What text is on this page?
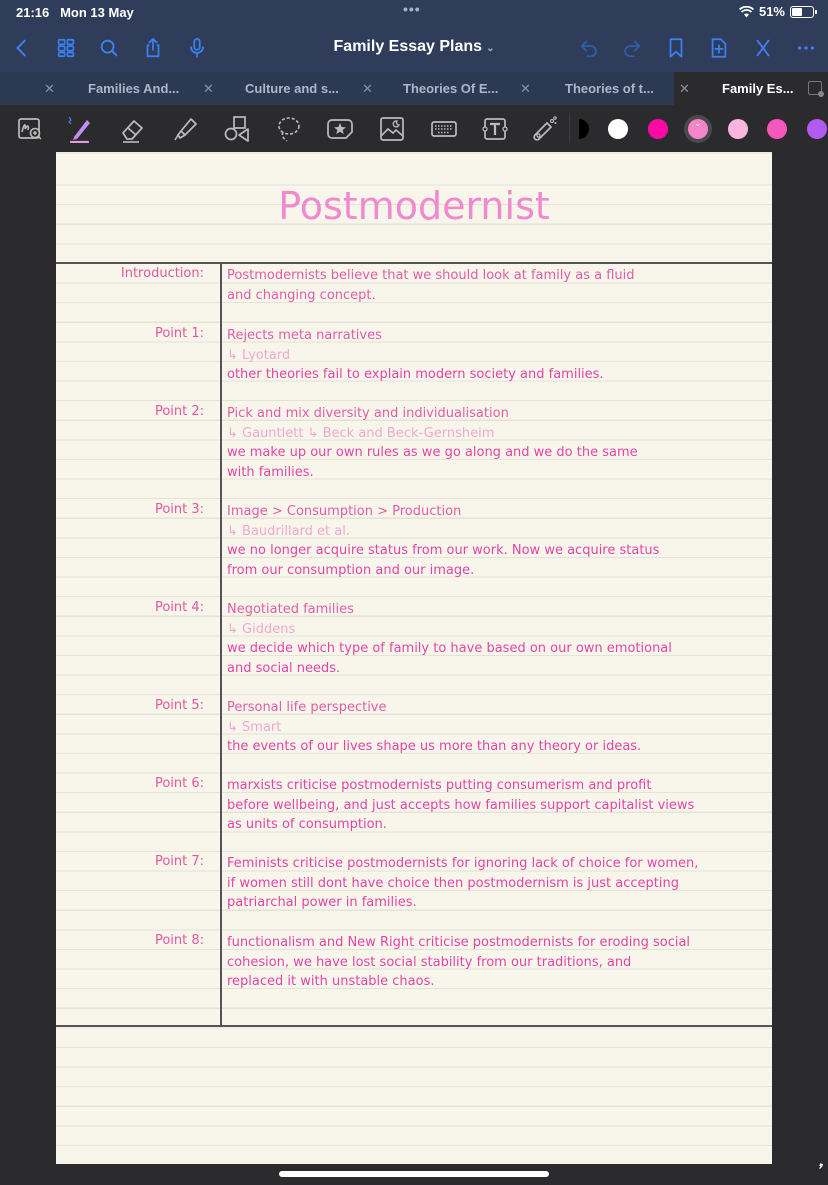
21:16 Mon 13 May	•••	51%
Family Essay Plans ⌄
✕	Families And... ✕ Culture and s... ✕ Theories Of E... ✕	Theories of t... ✕ Family Es...
⌄
Postmodernist
Introduction: Postmodernists believe that we should look at family as a fluid
and changing concept.
Point 1: Rejects meta narratives
↳ Lyotard
other theories fail to explain modern society and families.
Point 2: Pick and mix diversity and individualisation
↳ Gauntlett ↳ Beck and Beck-Gernsheim
we make up our own rules as we go along and we do the same
with families.
Point 3: Image > Consumption > Production
↳ Baudrillard et al.
we no longer acquire status from our work. Now we acquire status
from our consumption and our image.
Point 4: Negotiated families
↳ Giddens
we decide which type of family to have based on our own emotional
and social needs.
Point 5: Personal life perspective
↳ Smart
the events of our lives shape us more than any theory or ideas.
Point 6: marxists criticise postmodernists putting consumerism and profit
before wellbeing, and just accepts how families support capitalist views
as units of consumption.
Point 7: Feminists criticise postmodernists for ignoring lack of choice for women,
if women still dont have choice then postmodernism is just accepting
patriarchal power in families.
Point 8: functionalism and New Right criticise postmodernists for eroding social
cohesion, we have lost social stability from our traditions, and
replaced it with unstable chaos.
❜
